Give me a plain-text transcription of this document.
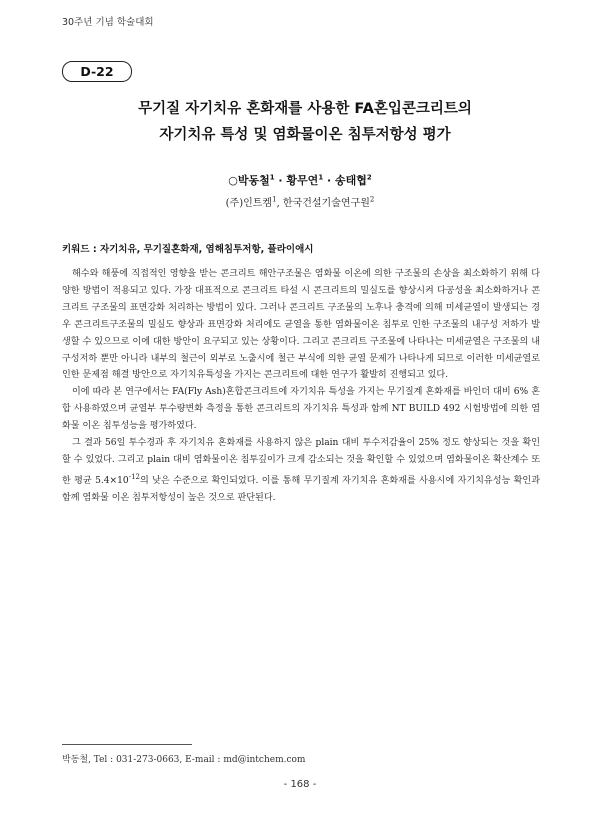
30주년 기념 학술대회
D-22
무기질 자기치유 혼화재를 사용한 FA혼입콘크리트의
자기치유 특성 및 염화물이온 침투저항성 평가
○박동철$^1$ · 황무연$^1$ · 송태협$^2$
(주)인트켐$^1$, 한국건설기술연구원$^2$
키워드 : 자기치유, 무기질혼화재, 염해침투저항, 플라이애시

해수와 해풍에 직접적인 영향을 받는 콘크리트 해안구조물은 염화물 이온에 의한 구조물의 손상을 최소화하기 위해 다양한 방법이 적용되고 있다. 가장 대표적으로 콘크리트 타설 시 콘크리트의 밀실도를 향상시켜 다공성을 최소화하거나 콘크리트 구조물의 표면강화 처리하는 방법이 있다. 그러나 콘크리트 구조물의 노후나 충격에 의해 미세균열이 발생되는 경우 콘크리트구조물의 밀실도 향상과 표면강화 처리에도 균열을 통한 염화물이온 침투로 인한 구조물의 내구성 저하가 발생할 수 있으므로 이에 대한 방안이 요구되고 있는 상황이다. 그리고 콘크리트 구조물에 나타나는 미세균열은 구조물의 내구성저하 뿐만 아니라 내부의 철근이 외부로 노출시에 철근 부식에 의한 균열 문제가 나타나게 되므로 이러한 미세균열로 인한 문제점 해결 방안으로 자기치유특성을 가지는 콘크리트에 대한 연구가 활발히 진행되고 있다.

이에 따라 본 연구에서는 FA(Fly Ash)혼합콘크리트에 자기치유 특성을 가지는 무기질계 혼화재를 바인더 대비 6% 혼합 사용하였으며 균열부 투수량변화 측정을 통한 콘크리트의 자기치유 특성과 함께 NT BUILD 492 시험방법에 의한 염화물 이온 침투성능을 평가하였다.

그 결과 56일 투수경과 후 자기치유 혼화재를 사용하지 않은 plain 대비 투수저감율이 25% 정도 향상되는 것을 확인할 수 있었다. 그리고 plain 대비 염화물이온 침투깊이가 크게 감소되는 것을 확인할 수 있었으며 염화물이온 확산계수 또한 평균 $5.4\times 10^{-12}$의 낮은 수준으로 확인되었다. 이를 통해 무기질계 자기치유 혼화재를 사용시에 자기치유성능 확인과 함께 염화물 이온 침투저항성이 높은 것으로 판단된다.

박동철, Tel : 031-273-0663, E-mail : md@intchem.com
- 168 -
